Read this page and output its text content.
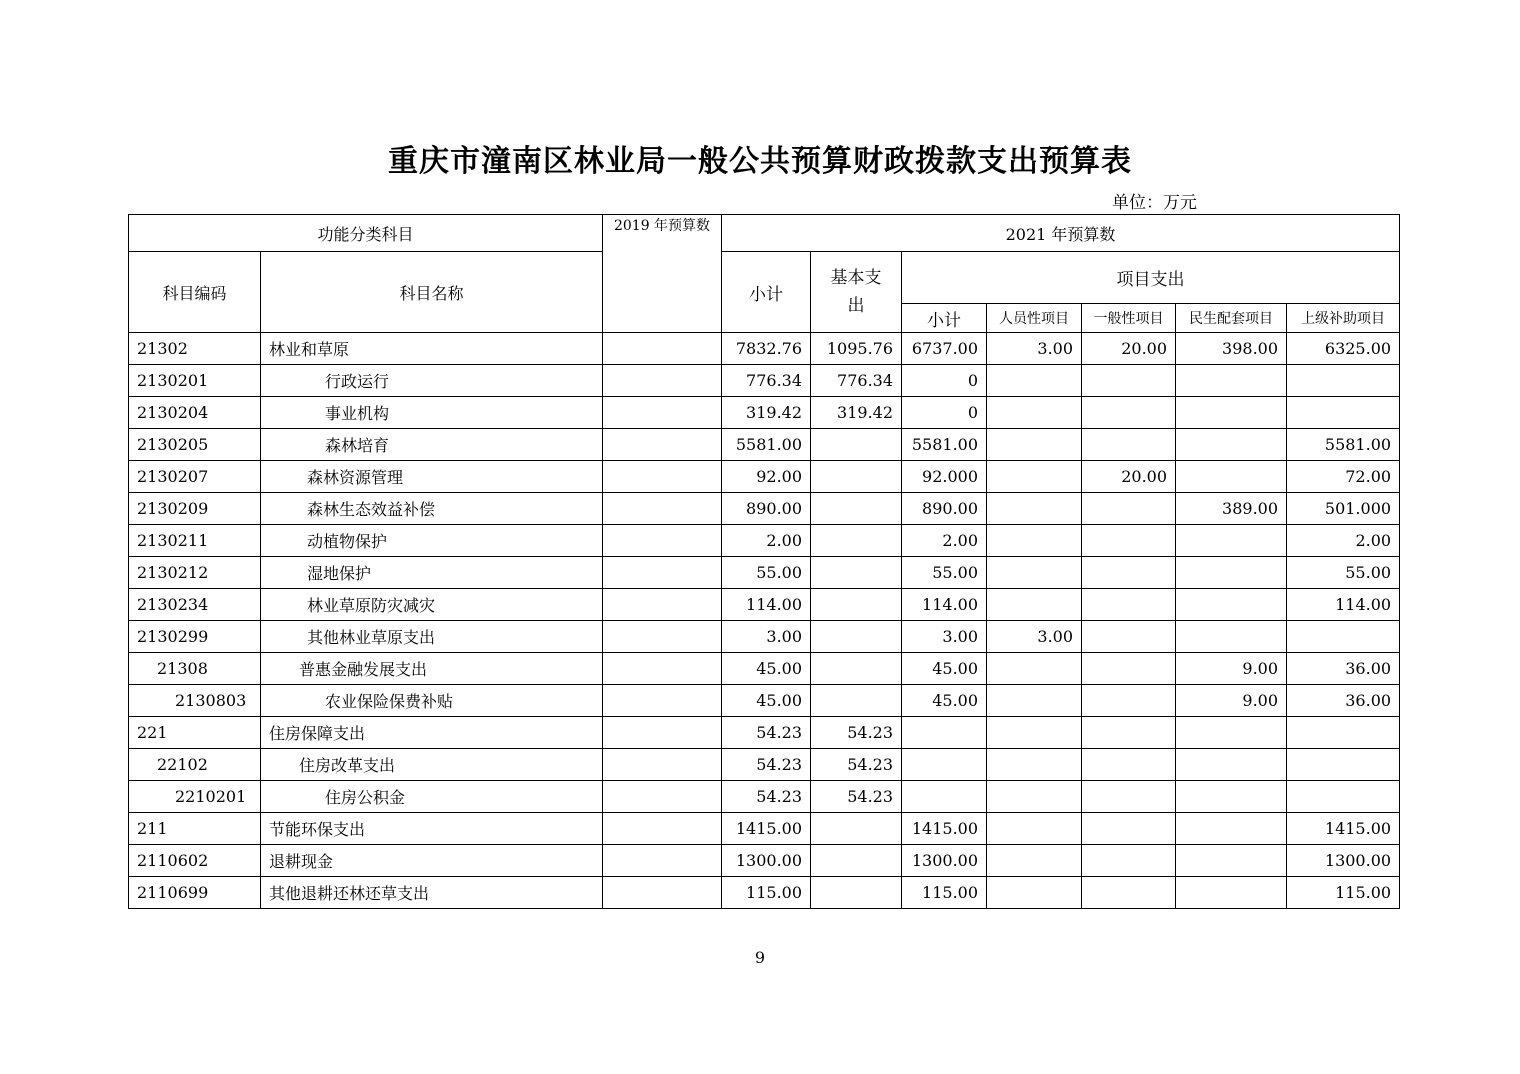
重庆市潼南区林业局一般公共预算财政拨款支出预算表
单位：万元
功能分类科目		2019 年预算数	2021 年预算数						
科目编码	科目名称		小计	基本支出	项目支出				
					小计	人员性项目	一般性项目	民生配套项目	上级补助项目
21302	林业和草原		7832.76	1095.76	6737.00	3.00	20.00	398.00	6325.00
2130201	行政运行		776.34	776.34	0				
2130204	事业机构		319.42	319.42	0				
2130205	森林培育		5581.00		5581.00				5581.00
2130207	森林资源管理		92.00		92.000		20.00		72.00
2130209	森林生态效益补偿		890.00		890.00			389.00	501.000
2130211	动植物保护		2.00		2.00				2.00
2130212	湿地保护		55.00		55.00				55.00
2130234	林业草原防灾减灾		114.00		114.00				114.00
2130299	其他林业草原支出		3.00		3.00	3.00			
21308	普惠金融发展支出		45.00		45.00			9.00	36.00
2130803	农业保险保费补贴		45.00		45.00			9.00	36.00
221	住房保障支出		54.23	54.23					
22102	住房改革支出		54.23	54.23					
2210201	住房公积金		54.23	54.23					
211	节能环保支出		1415.00		1415.00				1415.00
2110602	退耕现金		1300.00		1300.00				1300.00
2110699	其他退耕还林还草支出		115.00		115.00				115.00
9
